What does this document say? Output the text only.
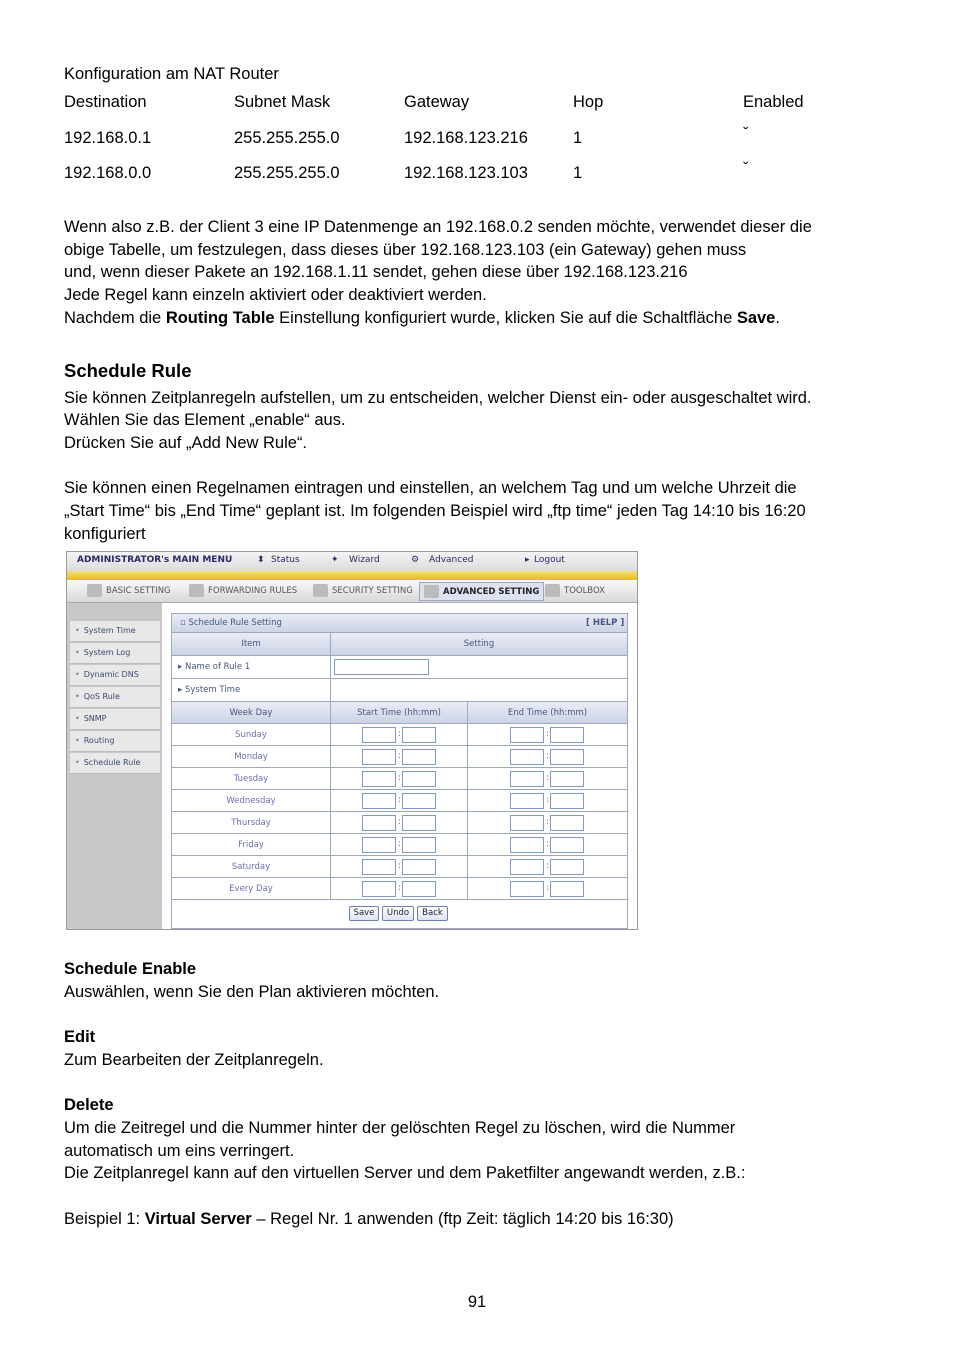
Konfiguration am NAT Router
Destination	Subnet Mask	Gateway	Hop	Enabled
192.168.0.1	255.255.255.0	192.168.123.216	1	ˇ
192.168.0.0	255.255.255.0	192.168.123.103	1	ˇ
Wenn also z.B. der Client 3 eine IP Datenmenge an 192.168.0.2 senden möchte, verwendet dieser die
obige Tabelle, um festzulegen, dass dieses über 192.168.123.103 (ein Gateway) gehen muss
und, wenn dieser Pakete an 192.168.1.11 sendet, gehen diese über 192.168.123.216
Jede Regel kann einzeln aktiviert oder deaktiviert werden.
Nachdem die Routing Table Einstellung konfiguriert wurde, klicken Sie auf die Schaltfläche Save.
Schedule Rule
Sie können Zeitplanregeln aufstellen, um zu entscheiden, welcher Dienst ein- oder ausgeschaltet wird.
Wählen Sie das Element „enable“ aus.
Drücken Sie auf „Add New Rule“.
Sie können einen Regelnamen eintragen und einstellen, an welchem Tag und um welche Uhrzeit die
„Start Time“ bis „End Time“ geplant ist. Im folgenden Beispiel wird „ftp time“ jeden Tag 14:10 bis 16:20
konfiguriert
ADMINISTRATOR's MAIN MENU	⬍ Status	✦ Wizard	⚙ Advanced	▸ Logout
BASIC SETTING	FORWARDING RULES	SECURITY SETTING	ADVANCED SETTING	TOOLBOX
• System Time
• System Log
• Dynamic DNS
• QoS Rule
• SNMP
• Routing
• Schedule Rule
▫ Schedule Rule Setting	[ HELP ]
Item	Setting
▸ Name of Rule 1
▸ System Time
Week Day	Start Time (hh:mm)	End Time (hh:mm)
Sunday	:	:
Monday	:	:
Tuesday	:	:
Wednesday	:	:
Thursday	:	:
Friday	:	:
Saturday	:	:
Every Day	:	:
Save	Undo	Back
Schedule Enable
Auswählen, wenn Sie den Plan aktivieren möchten.
Edit
Zum Bearbeiten der Zeitplanregeln.
Delete
Um die Zeitregel und die Nummer hinter der gelöschten Regel zu löschen, wird die Nummer
automatisch um eins verringert.
Die Zeitplanregel kann auf den virtuellen Server und dem Paketfilter angewandt werden, z.B.:
Beispiel 1: Virtual Server – Regel Nr. 1 anwenden (ftp Zeit: täglich 14:20 bis 16:30)
91
